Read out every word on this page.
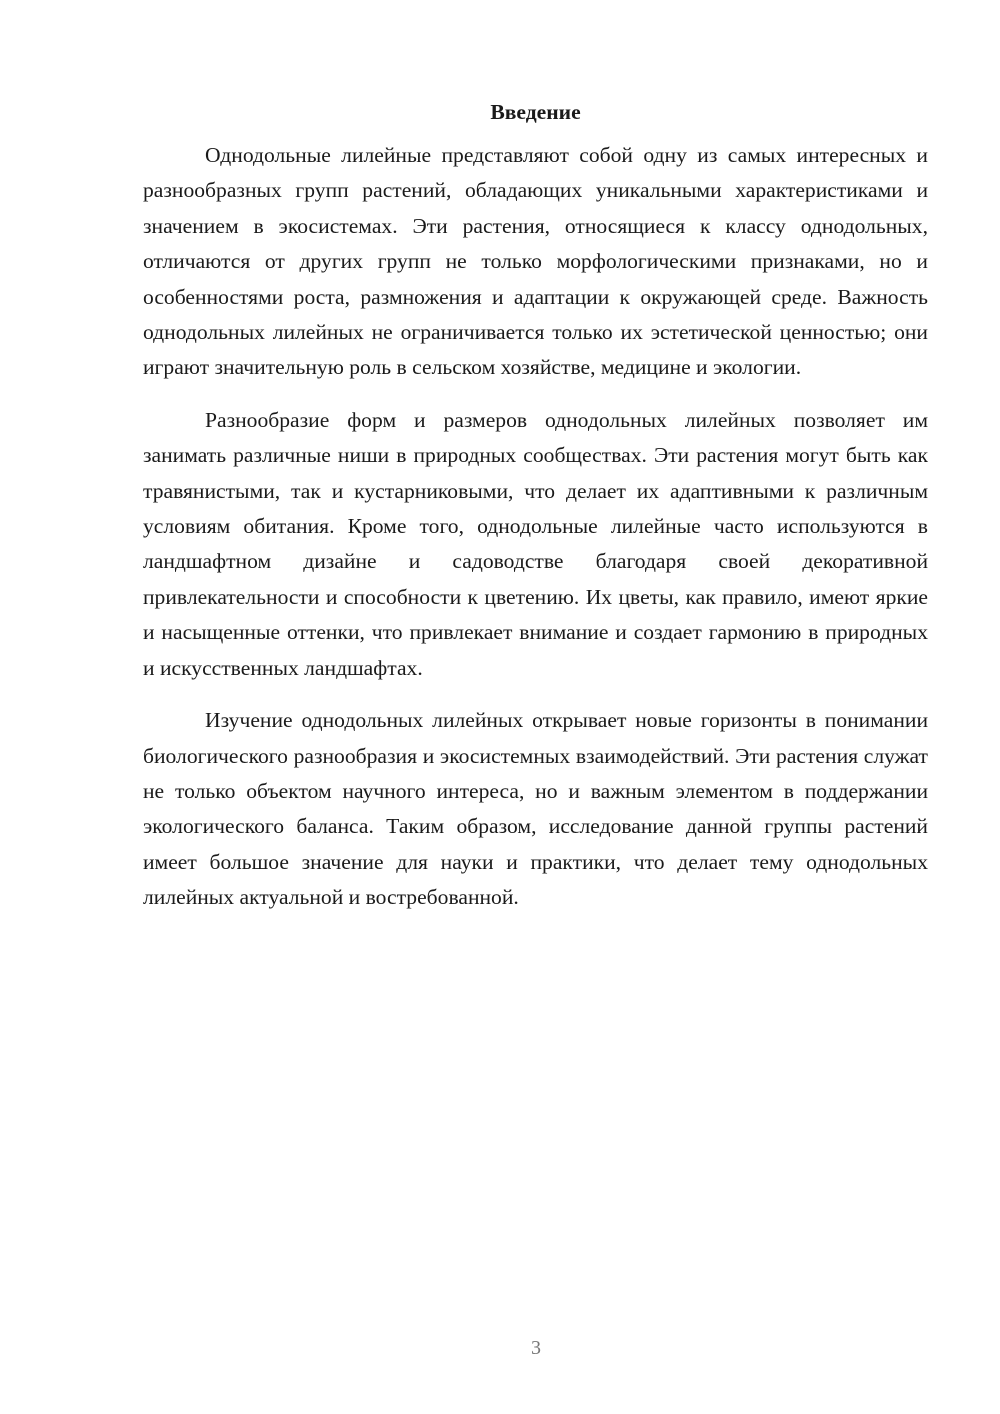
Введение

Однодольные лилейные представляют собой одну из самых интересных и разнообразных групп растений, обладающих уникальными характеристиками и значением в экосистемах. Эти растения, относящиеся к классу однодольных, отличаются от других групп не только морфологическими признаками, но и особенностями роста, размножения и адаптации к окружающей среде. Важность однодольных лилейных не ограничивается только их эстетической ценностью; они играют значительную роль в сельском хозяйстве, медицине и экологии.

Разнообразие форм и размеров однодольных лилейных позволяет им занимать различные ниши в природных сообществах. Эти растения могут быть как травянистыми, так и кустарниковыми, что делает их адаптивными к различным условиям обитания. Кроме того, однодольные лилейные часто используются в ландшафтном дизайне и садоводстве благодаря своей декоративной привлекательности и способности к цветению. Их цветы, как правило, имеют яркие и насыщенные оттенки, что привлекает внимание и создает гармонию в природных и искусственных ландшафтах.

Изучение однодольных лилейных открывает новые горизонты в понимании биологического разнообразия и экосистемных взаимодействий. Эти растения служат не только объектом научного интереса, но и важным элементом в поддержании экологического баланса. Таким образом, исследование данной группы растений имеет большое значение для науки и практики, что делает тему однодольных лилейных актуальной и востребованной.

3
